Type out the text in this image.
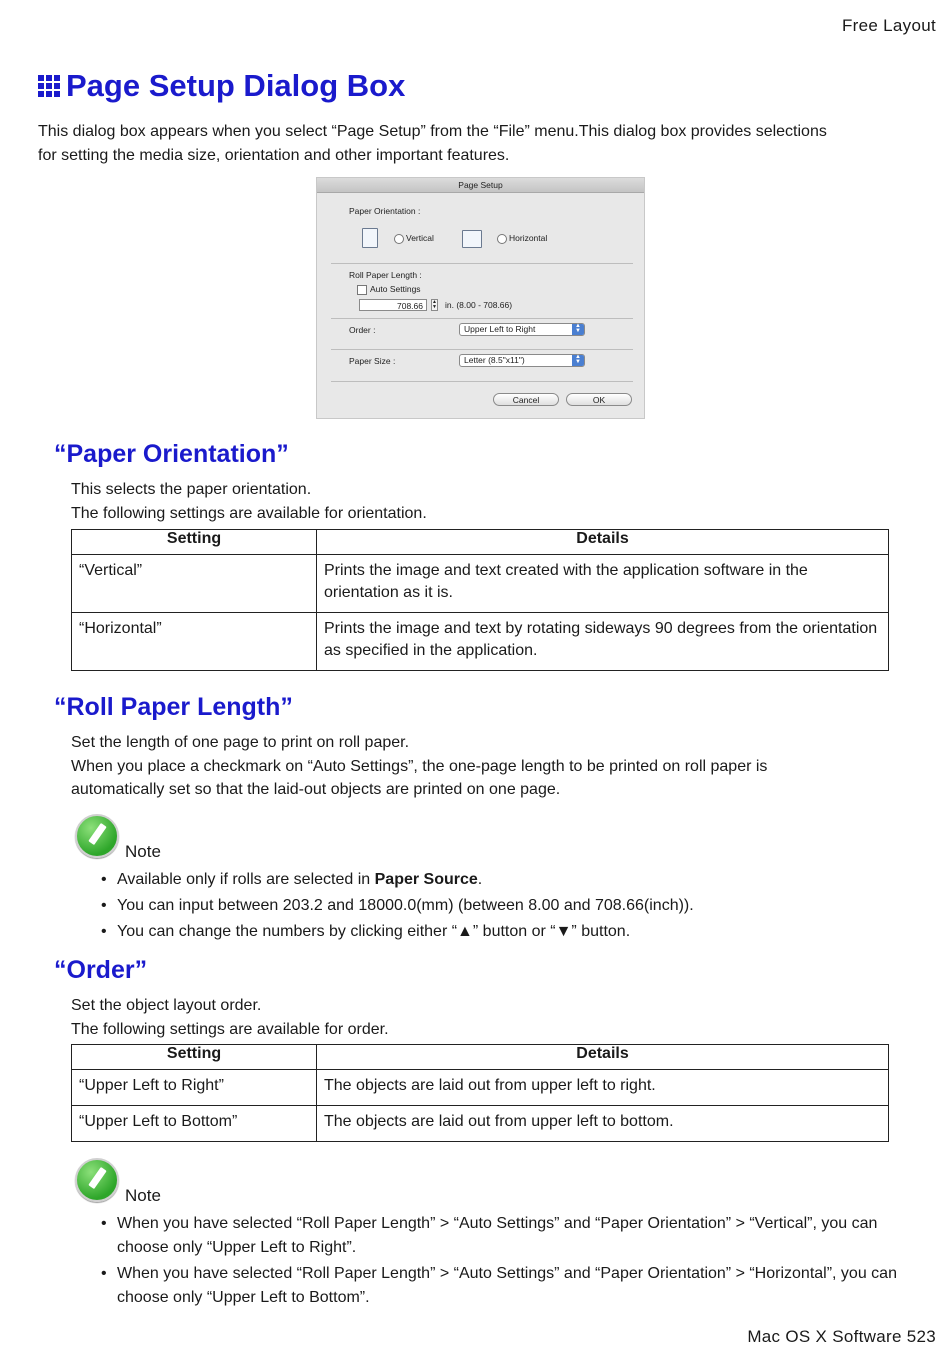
Free Layout
Page Setup Dialog Box

This dialog box appears when you select “Page Setup” from the “File” menu.This dialog box provides selections

for setting the media size, orientation and other important features.

Page Setup
Paper Orientation :
Vertical	Horizontal
Roll Paper Length :
Auto Settings
708.66	▲
▼ in. (8.00 - 708.66)
Order :	Upper Left to Right	▲
▼
Paper Size :	Letter (8.5"x11")	▲
▼
Cancel	OK
“Paper Orientation”

This selects the paper orientation.

The following settings are available for orientation.

Setting	Details
“Vertical”	Prints the image and text created with the application software in the orientation as it is.
“Horizontal”	Prints the image and text by rotating sideways 90 degrees from the orientation as specified in the application.
“Roll Paper Length”

Set the length of one page to print on roll paper.

When you place a checkmark on “Auto Settings”, the one-page length to be printed on roll paper is

automatically set so that the laid-out objects are printed on one page.

Note
• Available only if rolls are selected in Paper Source.
• You can input between 203.2 and 18000.0(mm) (between 8.00 and 708.66(inch)).
• You can change the numbers by clicking either “▲” button or “▼” button.
“Order”

Set the object layout order.

The following settings are available for order.

Setting	Details
“Upper Left to Right”	The objects are laid out from upper left to right.
“Upper Left to Bottom”	The objects are laid out from upper left to bottom.
Note
• When you have selected “Roll Paper Length” > “Auto Settings” and “Paper Orientation” > “Vertical”, you can choose only “Upper Left to Right”.
• When you have selected “Roll Paper Length” > “Auto Settings” and “Paper Orientation” > “Horizontal”, you can choose only “Upper Left to Bottom”.
Mac OS X Software 523
